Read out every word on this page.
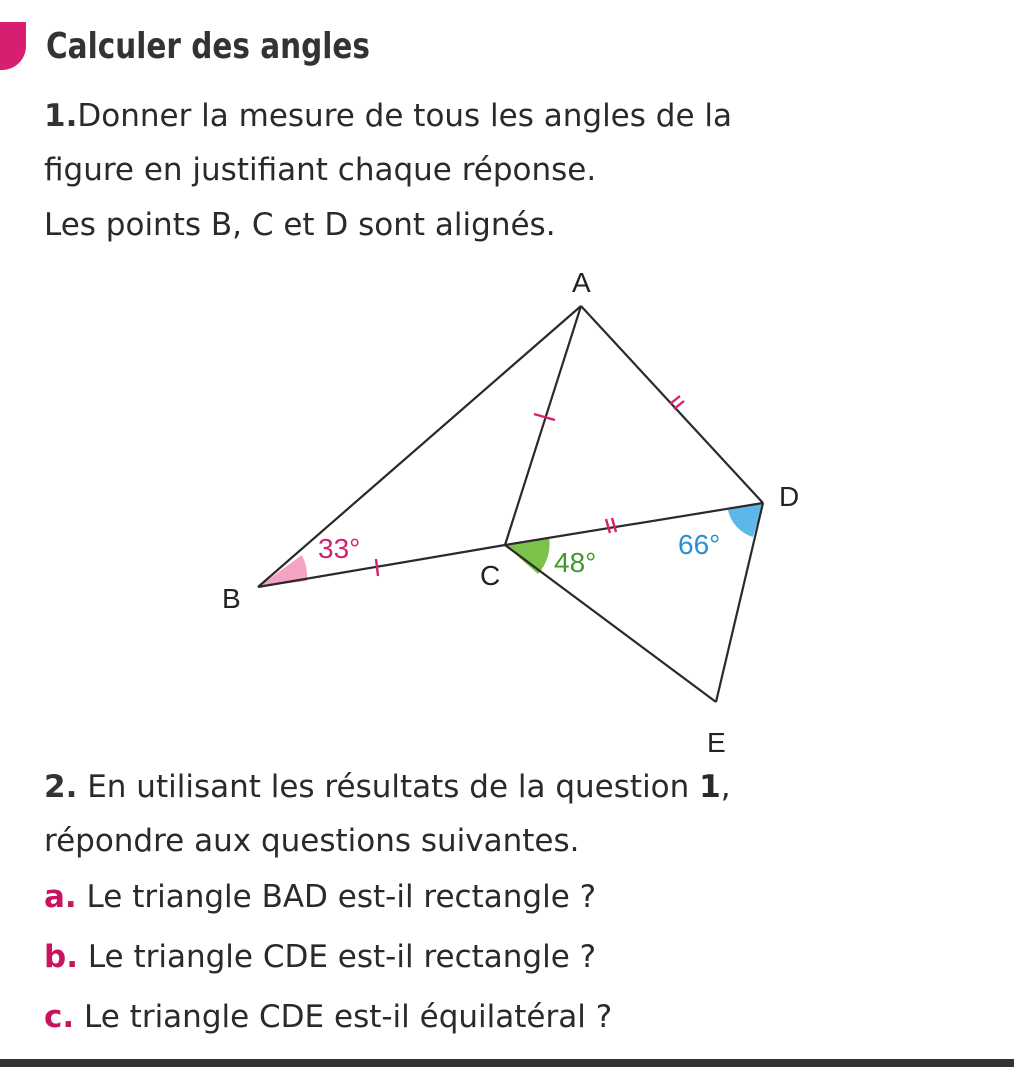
Calculer des angles
1.Donner la mesure de tous les angles de la
figure en justifiant chaque réponse.
Les points B, C et D sont alignés.
A
B
C
D
E
33°	48°
66°
2. En utilisant les résultats de la question 1,
répondre aux questions suivantes.
a. Le triangle BAD est-il rectangle ?
b. Le triangle CDE est-il rectangle ?
c. Le triangle CDE est-il équilatéral ?
